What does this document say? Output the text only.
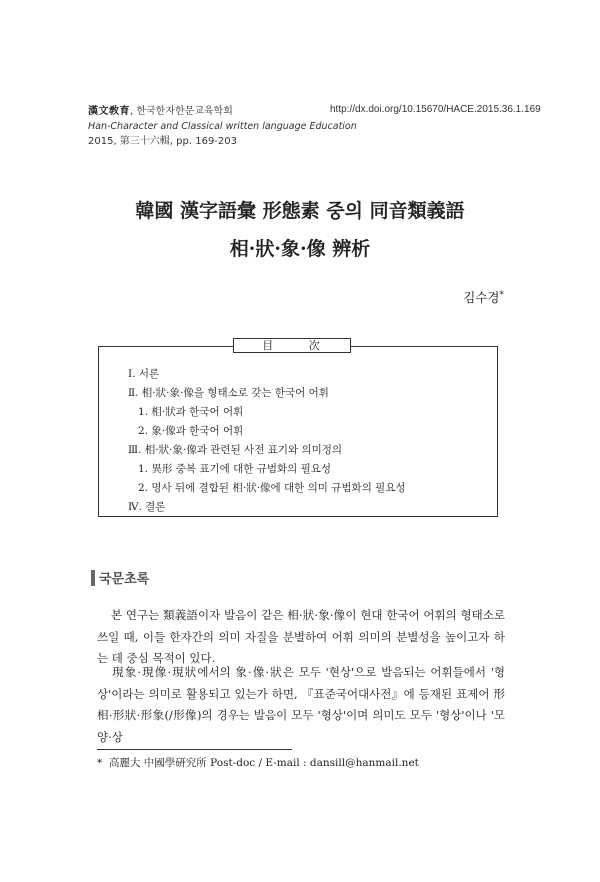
漢文敎育, 한국한자한문교육학회
Han-Character and Classical written language Education
2015, 第三十六輯, pp. 169-203
http://dx.doi.org/10.15670/HACE.2015.36.1.169
韓國 漢字語彙 形態素 중의 同音類義語
相·狀·象·像 辨析
김수경*
目 次
Ⅰ. 서론
Ⅱ. 相·狀·象·像을 형태소로 갖는 한국어 어휘
1. 相·狀과 한국어 어휘
2. 象·像과 한국어 어휘
Ⅲ. 相·狀·象·像과 관련된 사전 표기와 의미정의
1. 異形 중복 표기에 대한 규범화의 필요성
2. 명사 뒤에 결합된 相·狀·像에 대한 의미 규범화의 필요성
Ⅳ. 결론
국문초록
본 연구는 類義語이자 발음이 같은 相·狀·象·像이 현대 한국어 어휘의 형태소로 쓰일 때, 이들 한자간의 의미 자질을 분별하여 어휘 의미의 분별성을 높이고자 하는 데 중심 목적이 있다.
現象·現像·現狀에서의 象·像·狀은 모두 '현상'으로 발음되는 어휘들에서 '형상'이라는 의미로 활용되고 있는가 하면, 『표준국어대사전』에 등재된 표제어 形相·形狀·形象(/形像)의 경우는 발음이 모두 '형상'이며 의미도 모두 '형상'이나 '모양·상
* 高麗大 中國學硏究所 Post-doc / E-mail : dansill@hanmail.net
